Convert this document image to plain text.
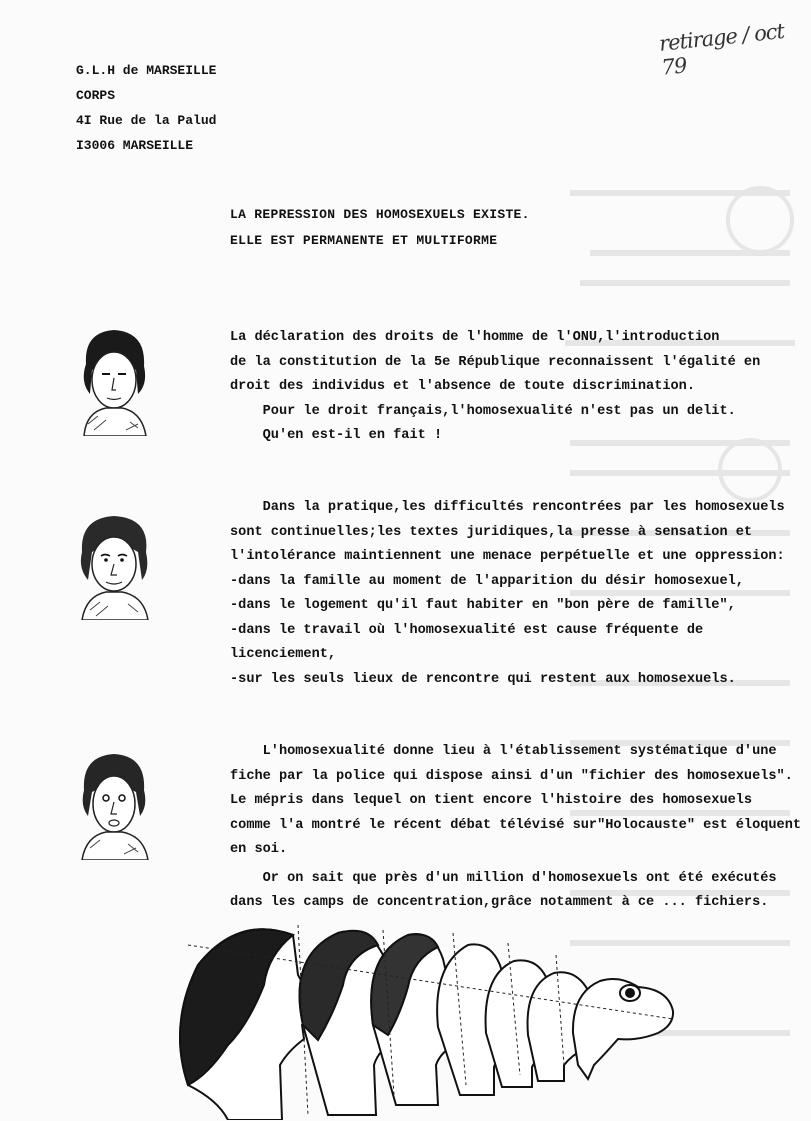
retirage / oct 79
G.L.H de MARSEILLE
CORPS
4I Rue de la Palud
I3006 MARSEILLE
LA REPRESSION DES HOMOSEXUELS EXISTE.
ELLE EST PERMANENTE ET MULTIFORME
La déclaration des droits de l'homme de l'ONU,l'introduction
de la constitution de la 5e République reconnaissent l'égalité en
droit des individus et l'absence de toute discrimination.
Pour le droit français,l'homosexualité n'est pas un delit.
Qu'en est-il en fait !
Dans la pratique,les difficultés rencontrées par les homosexuels
sont continuelles;les textes juridiques,la presse à sensation et
l'intolérance maintiennent une menace perpétuelle et une oppression:
-dans la famille au moment de l'apparition du désir homosexuel,
-dans le logement qu'il faut habiter en "bon père de famille",
-dans le travail où l'homosexualité est cause fréquente de
licenciement,
-sur les seuls lieux de rencontre qui restent aux homosexuels.
L'homosexualité donne lieu à l'établissement systématique d'une
fiche par la police qui dispose ainsi d'un "fichier des homosexuels".
Le mépris dans lequel on tient encore l'histoire des homosexuels
comme l'a montré le récent débat télévisé sur"Holocauste" est éloquent
en soi.
Or on sait que près d'un million d'homosexuels ont été exécutés
dans les camps de concentration,grâce notamment à ce ... fichiers.
